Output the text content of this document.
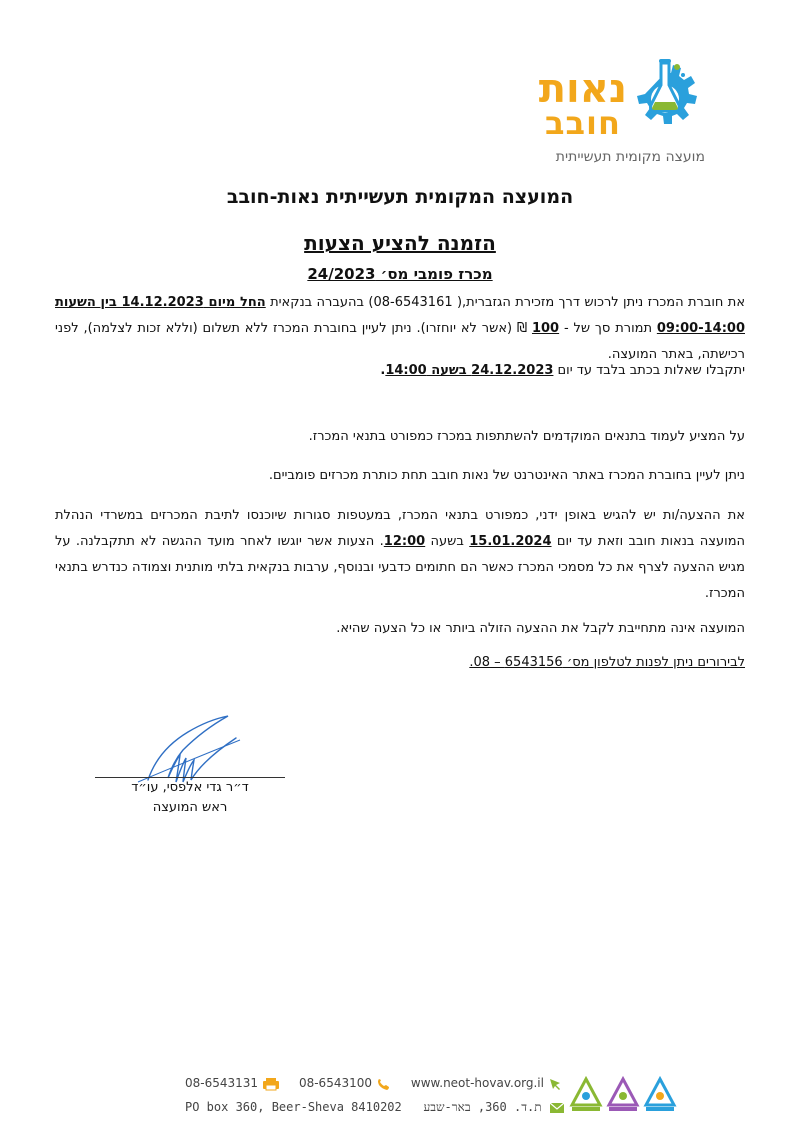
נאות
חובב
מועצה מקומית תעשייתית
המועצה המקומית תעשייתית נאות-חובב
הזמנה להציע הצעות
מכרז פומבי מס׳ 24/2023
את חוברת המכרז ניתן לרכוש דרך מזכירת הגזברית,( 08-6543161) בהעברה בנקאית החל מיום 14.12.2023 בין השעות 09:00-14:00 תמורת סך של - 100 ₪ (אשר לא יוחזרו). ניתן לעיין בחוברת המכרז ללא תשלום (וללא זכות לצלמה), לפני רכישתה, באתר המועצה.
יתקבלו שאלות בכתב בלבד עד יום 24.12.2023 בשעה 14:00.
על המציע לעמוד בתנאים המוקדמים להשתתפות במכרז כמפורט בתנאי המכרז.
ניתן לעיין בחוברת המכרז באתר האינטרנט של נאות חובב תחת כותרת מכרזים פומביים.
את ההצעה/ות יש להגיש באופן ידני, כמפורט בתנאי המכרז, במעטפות סגורות שיוכנסו לתיבת המכרזים במשרדי הנהלת המועצה בנאות חובב וזאת עד יום 15.01.2024 בשעה 12:00. הצעות אשר יוגשו לאחר מועד ההגשה לא תתקבלנה. על מגיש ההצעה לצרף את כל מסמכי המכרז כאשר הם חתומים כדבעי ובנוסף, ערבות בנקאית בלתי מותנית וצמודה כנדרש בתנאי המכרז.
המועצה אינה מתחייבת לקבל את ההצעה הזולה ביותר או כל הצעה שהיא.
לבירורים ניתן לפנות לטלפון מס׳ 6543156 – 08.
ד״ר גדי אלפסי, עו״ד
ראש המועצה
08-6543131	08-6543100	www.neot-hovav.org.il
PO box 360, Beer-Sheva 8410202 ת.ד. 360, באר-שבע
